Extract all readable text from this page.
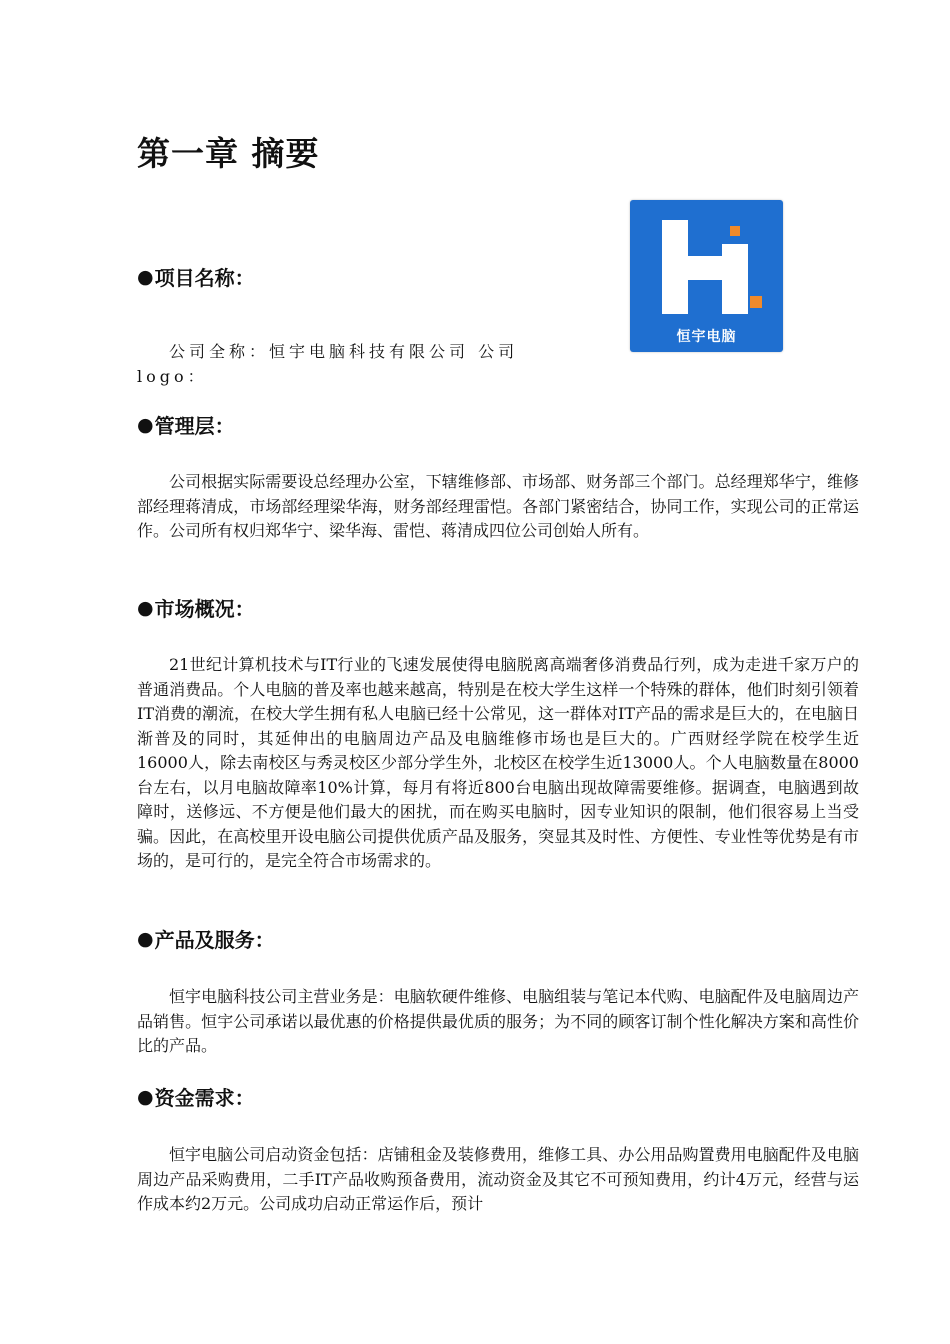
第一章 摘要
● 项目名称：

公司全称：恒宇电脑科技有限公司 公司logo：

恒宇电脑
● 管理层：

公司根据实际需要设总经理办公室，下辖维修部、市场部、财务部三个部门。总经理郑华宁，维修部经理蒋清成，市场部经理梁华海，财务部经理雷恺。各部门紧密结合，协同工作，实现公司的正常运作。公司所有权归郑华宁、梁华海、雷恺、蒋清成四位公司创始人所有。

● 市场概况：

21世纪计算机技术与IT行业的飞速发展使得电脑脱离高端奢侈消费品行列，成为走进千家万户的普通消费品。个人电脑的普及率也越来越高，特别是在校大学生这样一个特殊的群体，他们时刻引领着IT消费的潮流，在校大学生拥有私人电脑已经十公常见，这一群体对IT产品的需求是巨大的，在电脑日渐普及的同时，其延伸出的电脑周边产品及电脑维修市场也是巨大的。广西财经学院在校学生近16000人，除去南校区与秀灵校区少部分学生外，北校区在校学生近13000人。个人电脑数量在8000台左右，以月电脑故障率10%计算，每月有将近800台电脑出现故障需要维修。据调查，电脑遇到故障时，送修远、不方便是他们最大的困扰，而在购买电脑时，因专业知识的限制，他们很容易上当受骗。因此，在高校里开设电脑公司提供优质产品及服务，突显其及时性、方便性、专业性等优势是有市场的，是可行的，是完全符合市场需求的。

● 产品及服务：

恒宇电脑科技公司主营业务是：电脑软硬件维修、电脑组装与笔记本代购、电脑配件及电脑周边产品销售。恒宇公司承诺以最优惠的价格提供最优质的服务；为不同的顾客订制个性化解决方案和高性价比的产品。

● 资金需求：

恒宇电脑公司启动资金包括：店铺租金及装修费用，维修工具、办公用品购置费用电脑配件及电脑周边产品采购费用，二手IT产品收购预备费用，流动资金及其它不可预知费用，约计4万元，经营与运作成本约2万元。公司成功启动正常运作后，预计
